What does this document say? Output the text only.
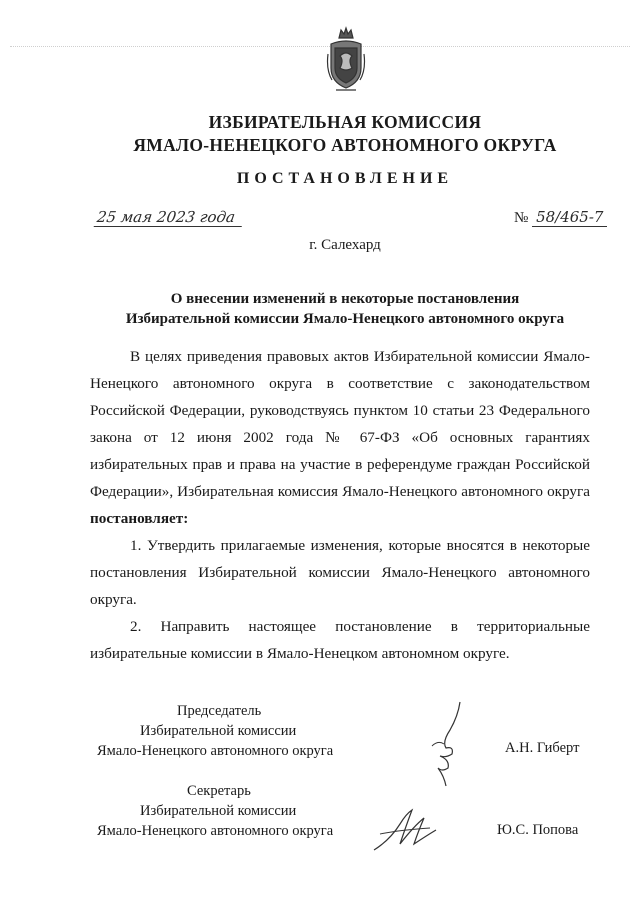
ИЗБИРАТЕЛЬНАЯ КОМИССИЯ
ЯМАЛО-НЕНЕЦКОГО АВТОНОМНОГО ОКРУГА
ПОСТАНОВЛЕНИЕ
25 мая 2023 года	№ 58/465-7
г. Салехард
О внесении изменений в некоторые постановления
Избирательной комиссии Ямало-Ненецкого автономного округа

В целях приведения правовых актов Избирательной комиссии Ямало-Ненецкого автономного округа в соответствие с законодательством Российской Федерации, руководствуясь пунктом 10 статьи 23 Федерального закона от 12 июня 2002 года № 67-ФЗ «Об основных гарантиях избирательных прав и права на участие в референдуме граждан Российской Федерации», Избирательная комиссия Ямало-Ненецкого автономного округа постановляет:

1. Утвердить прилагаемые изменения, которые вносятся в некоторые постановления Избирательной комиссии Ямало-Ненецкого автономного округа.

2. Направить настоящее постановление в территориальные избирательные комиссии в Ямало-Ненецком автономном округе.

Председатель
Избирательной комиссии
Ямало-Ненецкого автономного округа	А.Н. Гиберт
Секретарь
Избирательной комиссии
Ямало-Ненецкого автономного округа	Ю.С. Попова
